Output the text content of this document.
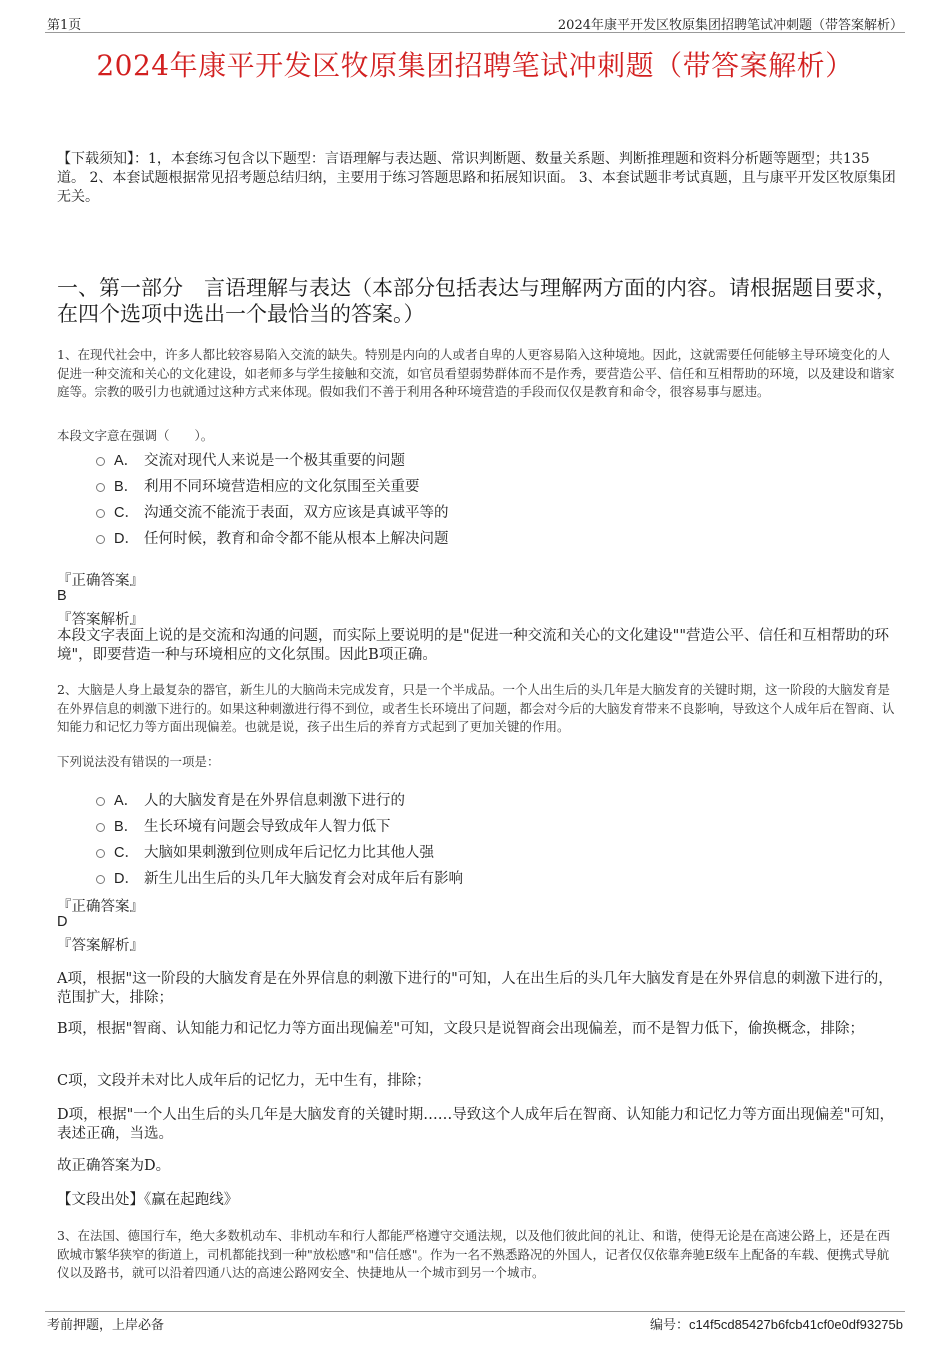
第1页	2024年康平开发区牧原集团招聘笔试冲刺题（带答案解析）
2024年康平开发区牧原集团招聘笔试冲刺题（带答案解析）
【下载须知】：1，本套练习包含以下题型：言语理解与表达题、常识判断题、数量关系题、判断推理题和资料分析题等题型；共135道。 2、本套试题根据常见招考题总结归纳，主要用于练习答题思路和拓展知识面。 3、本套试题非考试真题，且与康平开发区牧原集团无关。
一、第一部分　言语理解与表达（本部分包括表达与理解两方面的内容。请根据题目要求，在四个选项中选出一个最恰当的答案。）
1、在现代社会中，许多人都比较容易陷入交流的缺失。特别是内向的人或者自卑的人更容易陷入这种境地。因此，这就需要任何能够主导环境变化的人促进一种交流和关心的文化建设，如老师多与学生接触和交流，如官员看望弱势群体而不是作秀，要营造公平、信任和互相帮助的环境，以及建设和谐家庭等。宗教的吸引力也就通过这种方式来体现。假如我们不善于利用各种环境营造的手段而仅仅是教育和命令，很容易事与愿违。
本段文字意在强调（　　）。
A． 交流对现代人来说是一个极其重要的问题
B． 利用不同环境营造相应的文化氛围至关重要
C． 沟通交流不能流于表面，双方应该是真诚平等的
D． 任何时候，教育和命令都不能从根本上解决问题
『正确答案』
B
『答案解析』
本段文字表面上说的是交流和沟通的问题，而实际上要说明的是"促进一种交流和关心的文化建设""营造公平、信任和互相帮助的环境"，即要营造一种与环境相应的文化氛围。因此B项正确。
2、大脑是人身上最复杂的器官，新生儿的大脑尚未完成发育，只是一个半成品。一个人出生后的头几年是大脑发育的关键时期，这一阶段的大脑发育是在外界信息的刺激下进行的。如果这种刺激进行得不到位，或者生长环境出了问题，都会对今后的大脑发育带来不良影响，导致这个人成年后在智商、认知能力和记忆力等方面出现偏差。也就是说，孩子出生后的养育方式起到了更加关键的作用。
下列说法没有错误的一项是：
A． 人的大脑发育是在外界信息刺激下进行的
B． 生长环境有问题会导致成年人智力低下
C． 大脑如果刺激到位则成年后记忆力比其他人强
D． 新生儿出生后的头几年大脑发育会对成年后有影响
『正确答案』
D
『答案解析』
A项，根据"这一阶段的大脑发育是在外界信息的刺激下进行的"可知，人在出生后的头几年大脑发育是在外界信息的刺激下进行的，范围扩大，排除；
B项，根据"智商、认知能力和记忆力等方面出现偏差"可知，文段只是说智商会出现偏差，而不是智力低下，偷换概念，排除；
C项，文段并未对比人成年后的记忆力，无中生有，排除；
D项，根据"一个人出生后的头几年是大脑发育的关键时期……导致这个人成年后在智商、认知能力和记忆力等方面出现偏差"可知，表述正确，当选。
故正确答案为D。
【文段出处】《赢在起跑线》
3、在法国、德国行车，绝大多数机动车、非机动车和行人都能严格遵守交通法规，以及他们彼此间的礼让、和谐，使得无论是在高速公路上，还是在西欧城市繁华狭窄的街道上，司机都能找到一种"放松感"和"信任感"。作为一名不熟悉路况的外国人，记者仅仅依靠奔驰E级车上配备的车载、便携式导航仪以及路书，就可以沿着四通八达的高速公路网安全、快捷地从一个城市到另一个城市。
考前押题，上岸必备	编号：c14f5cd85427b6fcb41cf0e0df93275b
